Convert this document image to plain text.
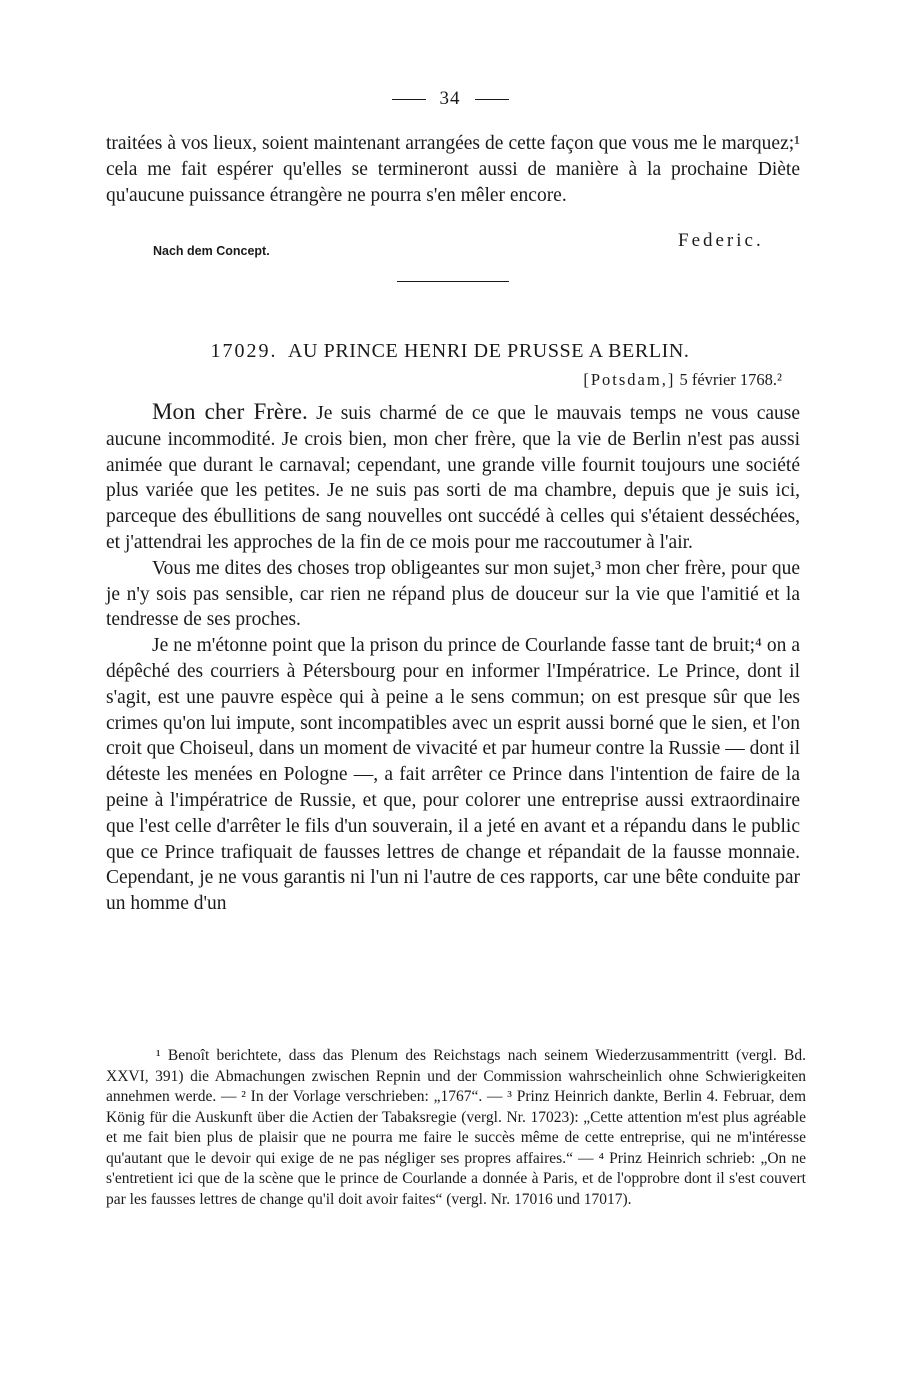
34

traitées à vos lieux, soient maintenant arrangées de cette façon que vous me le marquez;¹ cela me fait espérer qu'elles se termineront aussi de manière à la prochaine Diète qu'aucune puissance étrangère ne pourra s'en mêler encore.

Nach dem Concept.	Federic.
17029. AU PRINCE HENRI DE PRUSSE A BERLIN.
[Potsdam,] 5 février 1768.²

Mon cher Frère. Je suis charmé de ce que le mauvais temps ne vous cause aucune incommodité. Je crois bien, mon cher frère, que la vie de Berlin n'est pas aussi animée que durant le carnaval; cependant, une grande ville fournit toujours une société plus variée que les petites. Je ne suis pas sorti de ma chambre, depuis que je suis ici, parceque des ébullitions de sang nouvelles ont succédé à celles qui s'étaient desséchées, et j'attendrai les approches de la fin de ce mois pour me raccoutumer à l'air.

Vous me dites des choses trop obligeantes sur mon sujet,³ mon cher frère, pour que je n'y sois pas sensible, car rien ne répand plus de douceur sur la vie que l'amitié et la tendresse de ses proches.

Je ne m'étonne point que la prison du prince de Courlande fasse tant de bruit;⁴ on a dépêché des courriers à Pétersbourg pour en informer l'Impératrice. Le Prince, dont il s'agit, est une pauvre espèce qui à peine a le sens commun; on est presque sûr que les crimes qu'on lui impute, sont incompatibles avec un esprit aussi borné que le sien, et l'on croit que Choiseul, dans un moment de vivacité et par humeur contre la Russie — dont il déteste les menées en Pologne —, a fait arrêter ce Prince dans l'intention de faire de la peine à l'impératrice de Russie, et que, pour colorer une entreprise aussi extraordinaire que l'est celle d'arrêter le fils d'un souverain, il a jeté en avant et a répandu dans le public que ce Prince trafiquait de fausses lettres de change et répandait de la fausse monnaie. Cependant, je ne vous garantis ni l'un ni l'autre de ces rapports, car une bête conduite par un homme d'un

¹ Benoît berichtete, dass das Plenum des Reichstags nach seinem Wiederzusammentritt (vergl. Bd. XXVI, 391) die Abmachungen zwischen Repnin und der Commission wahrscheinlich ohne Schwierigkeiten annehmen werde. — ² In der Vorlage verschrieben: „1767“. — ³ Prinz Heinrich dankte, Berlin 4. Februar, dem König für die Auskunft über die Actien der Tabaksregie (vergl. Nr. 17023): „Cette attention m'est plus agréable et me fait bien plus de plaisir que ne pourra me faire le succès même de cette entreprise, qui ne m'intéresse qu'autant que le devoir qui exige de ne pas négliger ses propres affaires.“ — ⁴ Prinz Heinrich schrieb: „On ne s'entretient ici que de la scène que le prince de Courlande a donnée à Paris, et de l'opprobre dont il s'est couvert par les fausses lettres de change qu'il doit avoir faites“ (vergl. Nr. 17016 und 17017).
